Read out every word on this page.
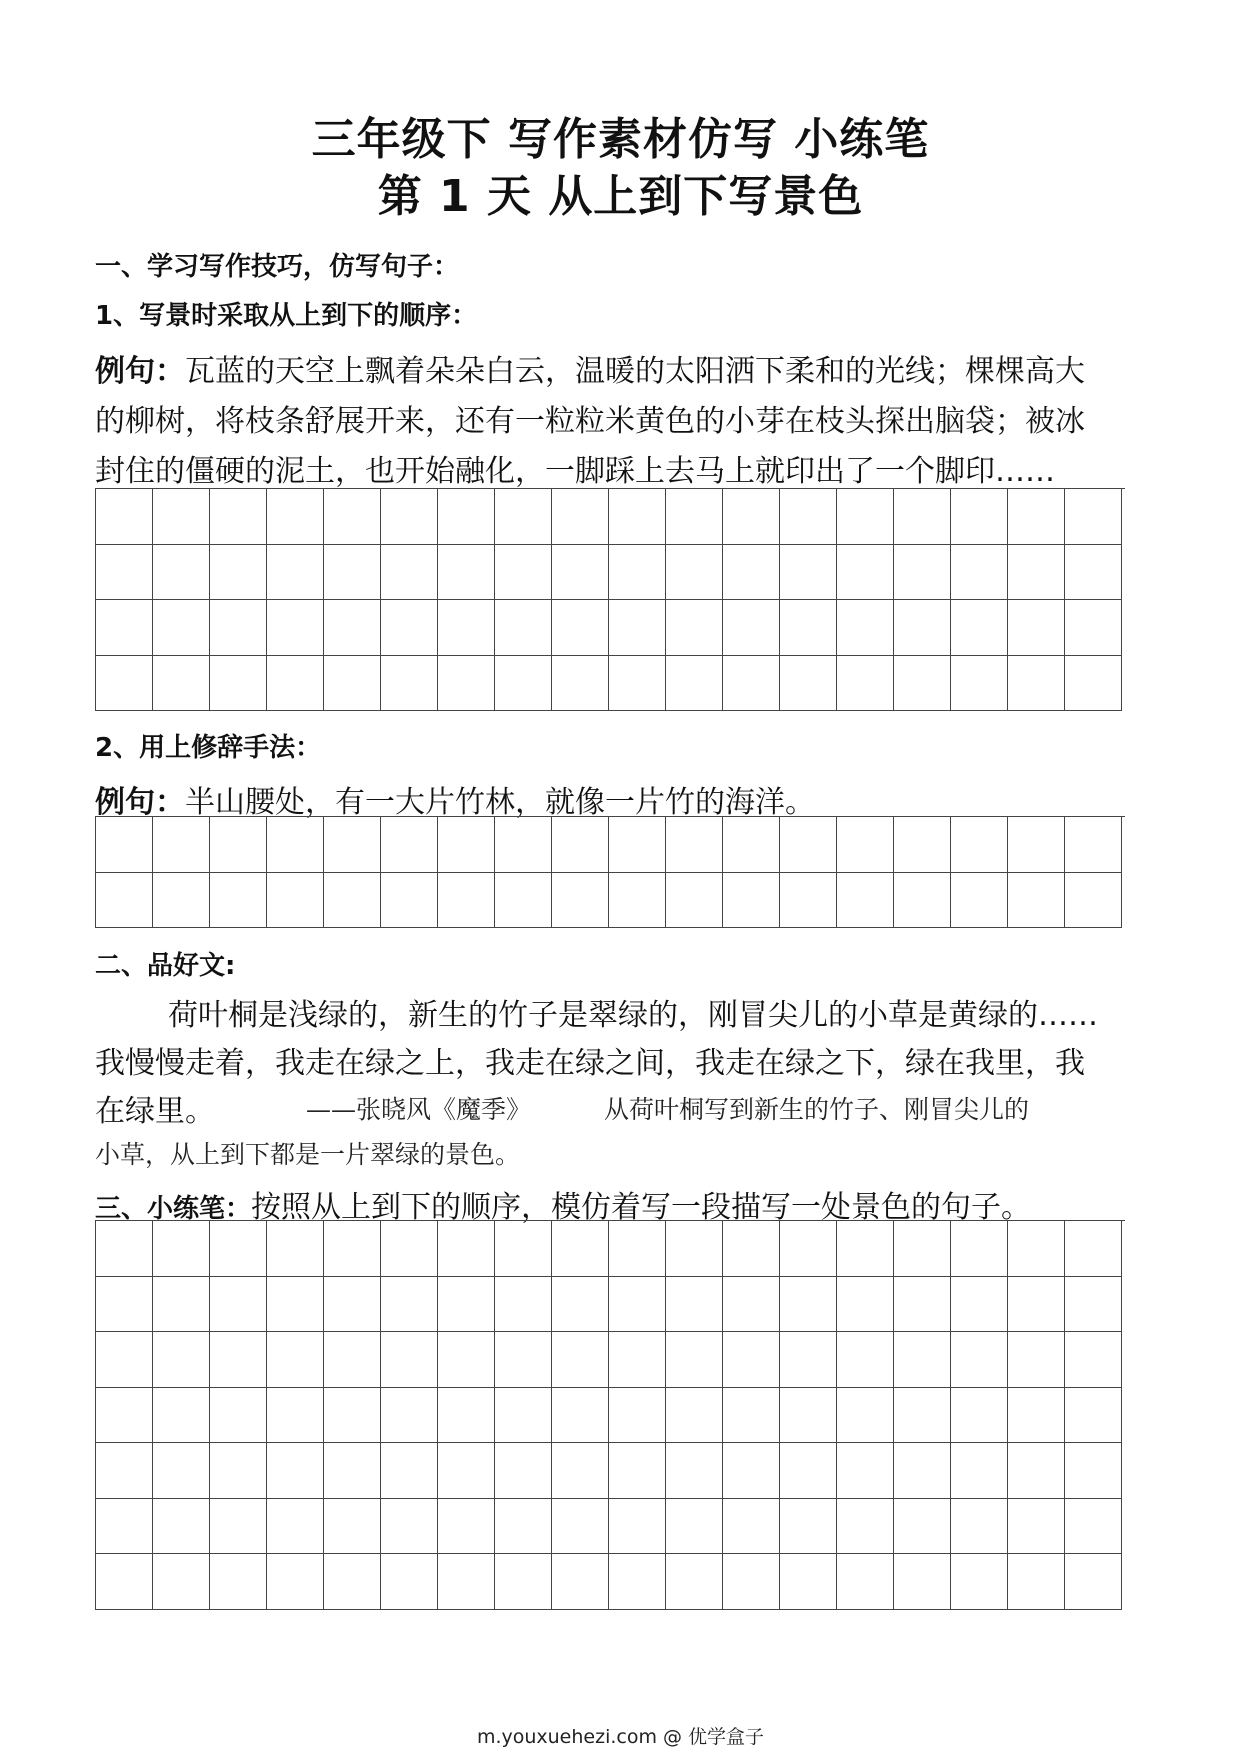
三年级下 写作素材仿写 小练笔
第 1 天 从上到下写景色
一、学习写作技巧，仿写句子：
1、写景时采取从上到下的顺序：
例句：瓦蓝的天空上飘着朵朵白云，温暖的太阳洒下柔和的光线；棵棵高大
的柳树，将枝条舒展开来，还有一粒粒米黄色的小芽在枝头探出脑袋；被冰
封住的僵硬的泥土，也开始融化，一脚踩上去马上就印出了一个脚印……
2、用上修辞手法：
例句：半山腰处，有一大片竹林，就像一片竹的海洋。
二、品好文:
荷叶桐是浅绿的，新生的竹子是翠绿的，刚冒尖儿的小草是黄绿的……
我慢慢走着，我走在绿之上，我走在绿之间，我走在绿之下，绿在我里，我
在绿里。	——张晓风《魔季》	从荷叶桐写到新生的竹子、刚冒尖儿的
小草，从上到下都是一片翠绿的景色。
三、小练笔：按照从上到下的顺序，模仿着写一段描写一处景色的句子。
m.youxuehezi.com @ 优学盒子
